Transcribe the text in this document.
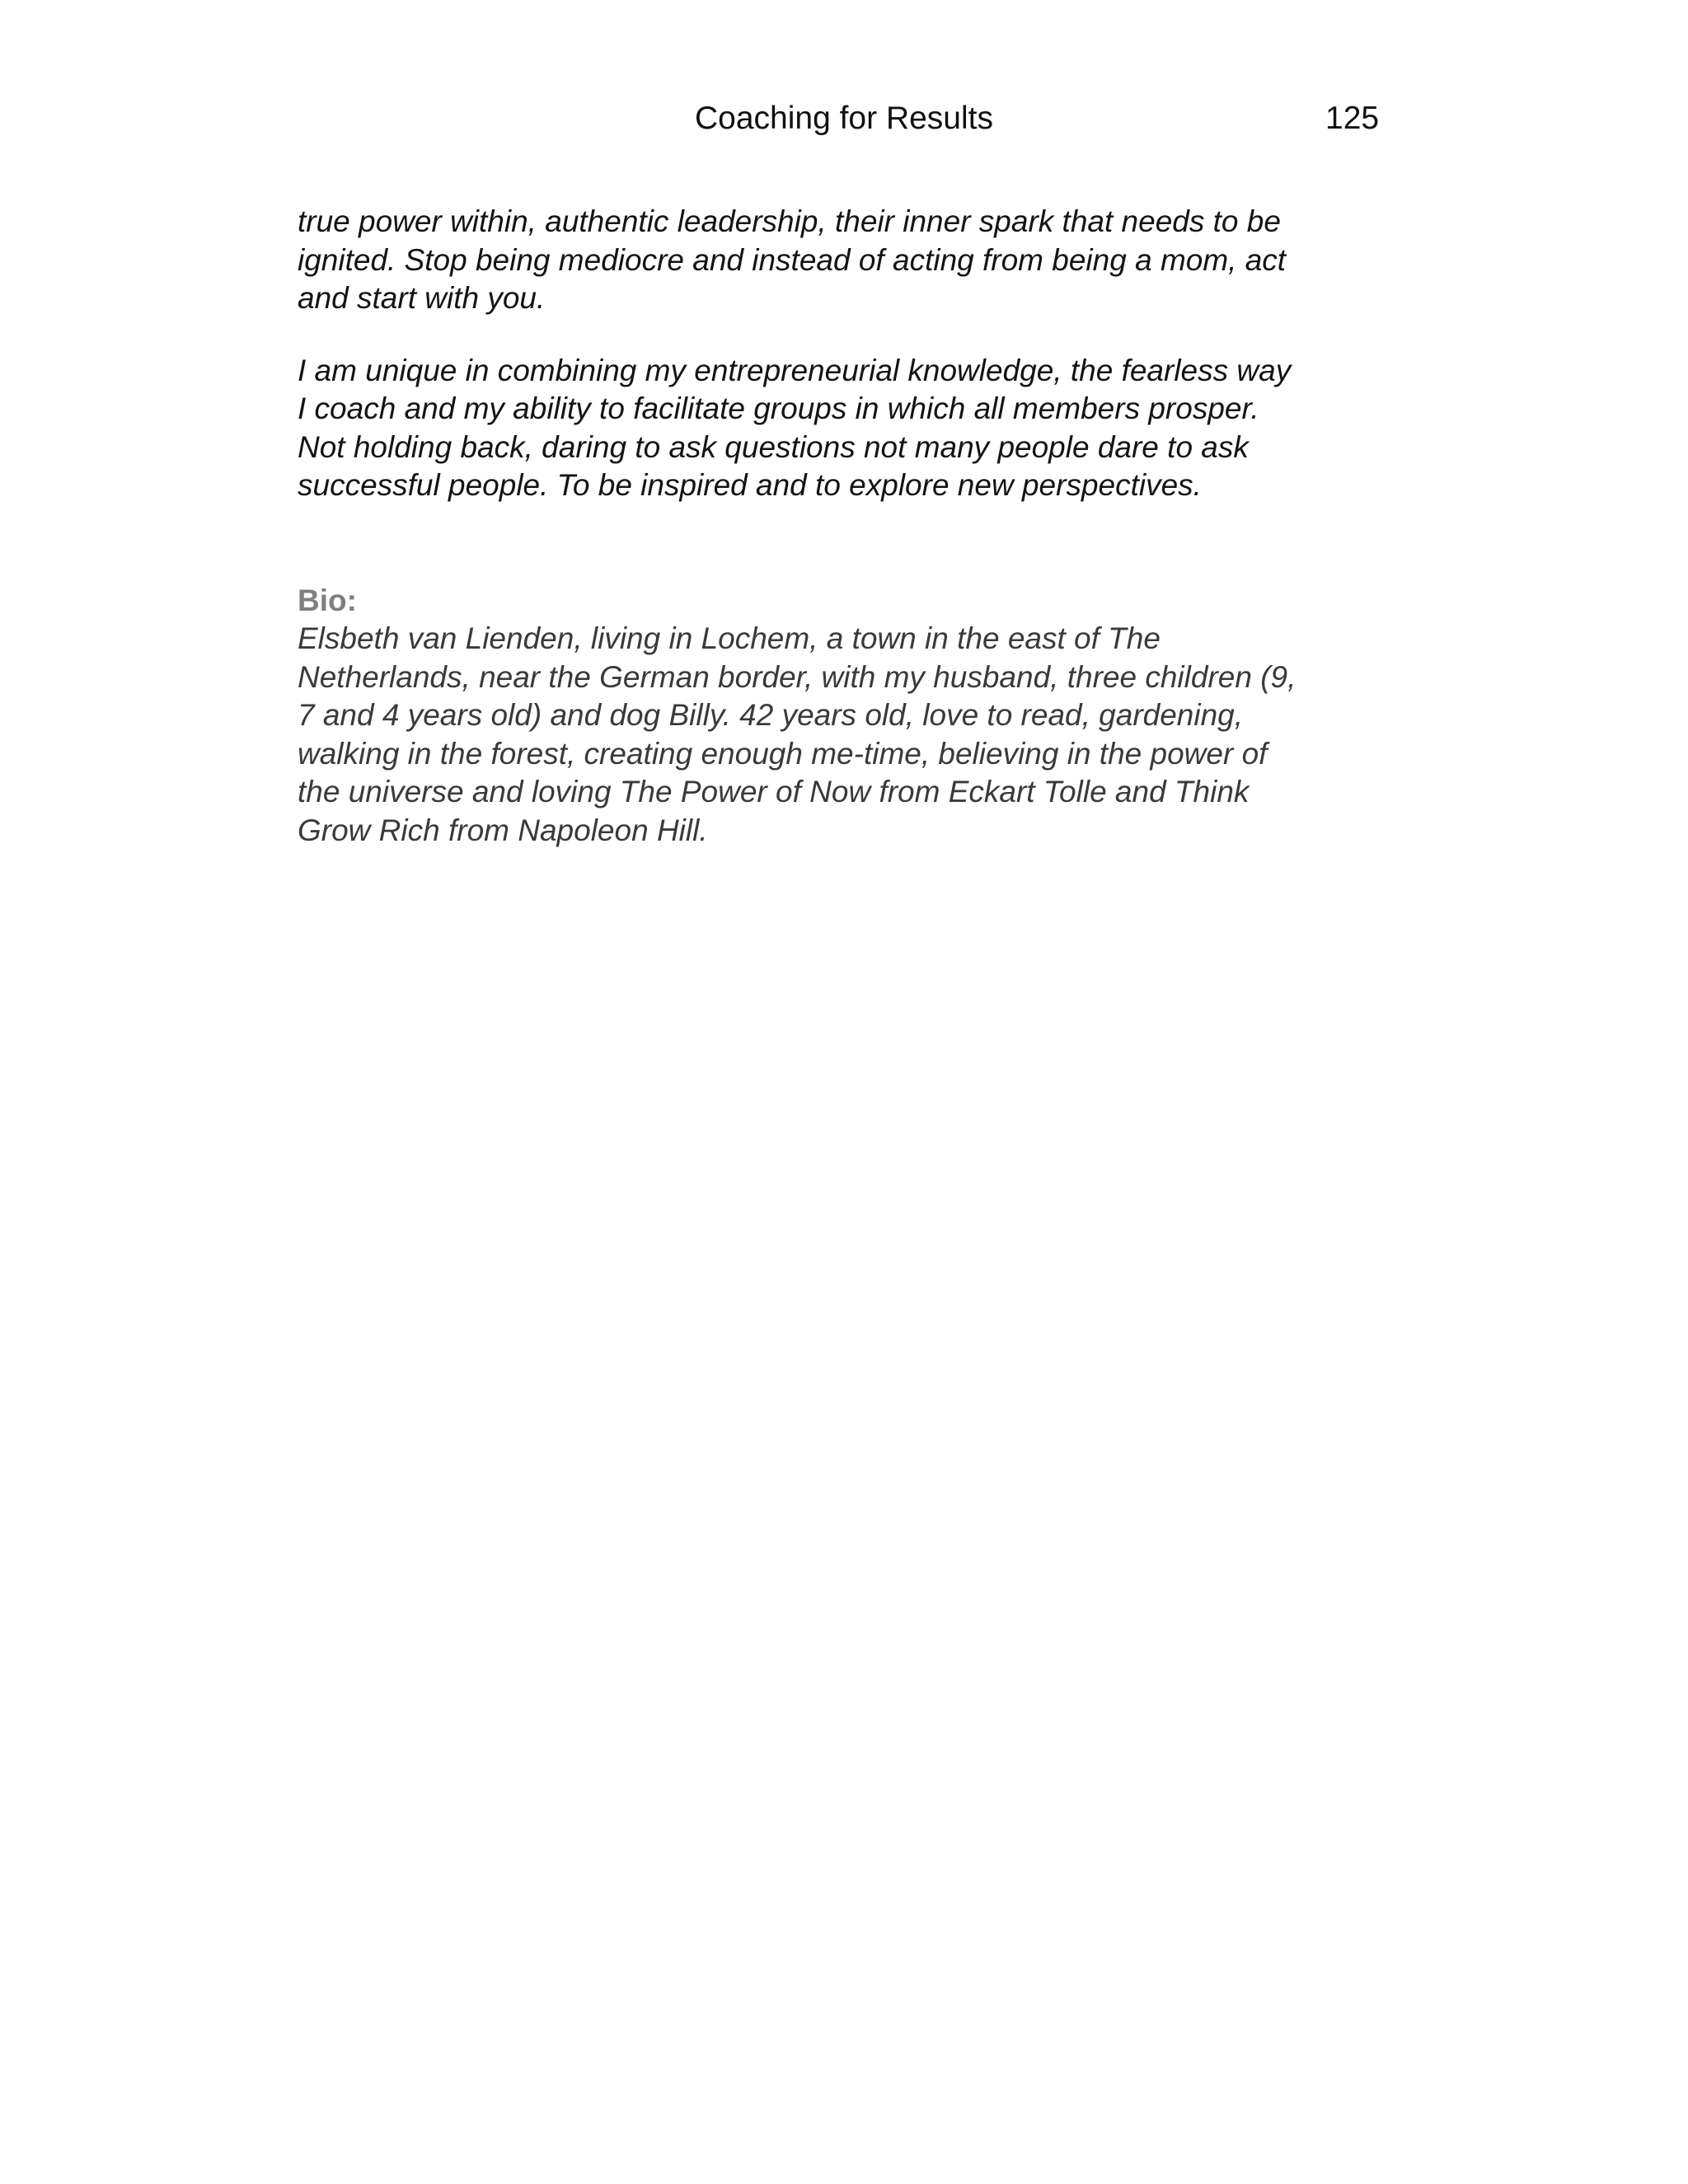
Coaching for Results	125

true power within, authentic leadership, their inner spark that needs to be
ignited. Stop being mediocre and instead of acting from being a mom, act
and start with you.

I am unique in combining my entrepreneurial knowledge, the fearless way
I coach and my ability to facilitate groups in which all members prosper.
Not holding back, daring to ask questions not many people dare to ask
successful people. To be inspired and to explore new perspectives.

Bio:

Elsbeth van Lienden, living in Lochem, a town in the east of The
Netherlands, near the German border, with my husband, three children (9,
7 and 4 years old) and dog Billy. 42 years old, love to read, gardening,
walking in the forest, creating enough me-time, believing in the power of
the universe and loving The Power of Now from Eckart Tolle and Think
Grow Rich from Napoleon Hill.
